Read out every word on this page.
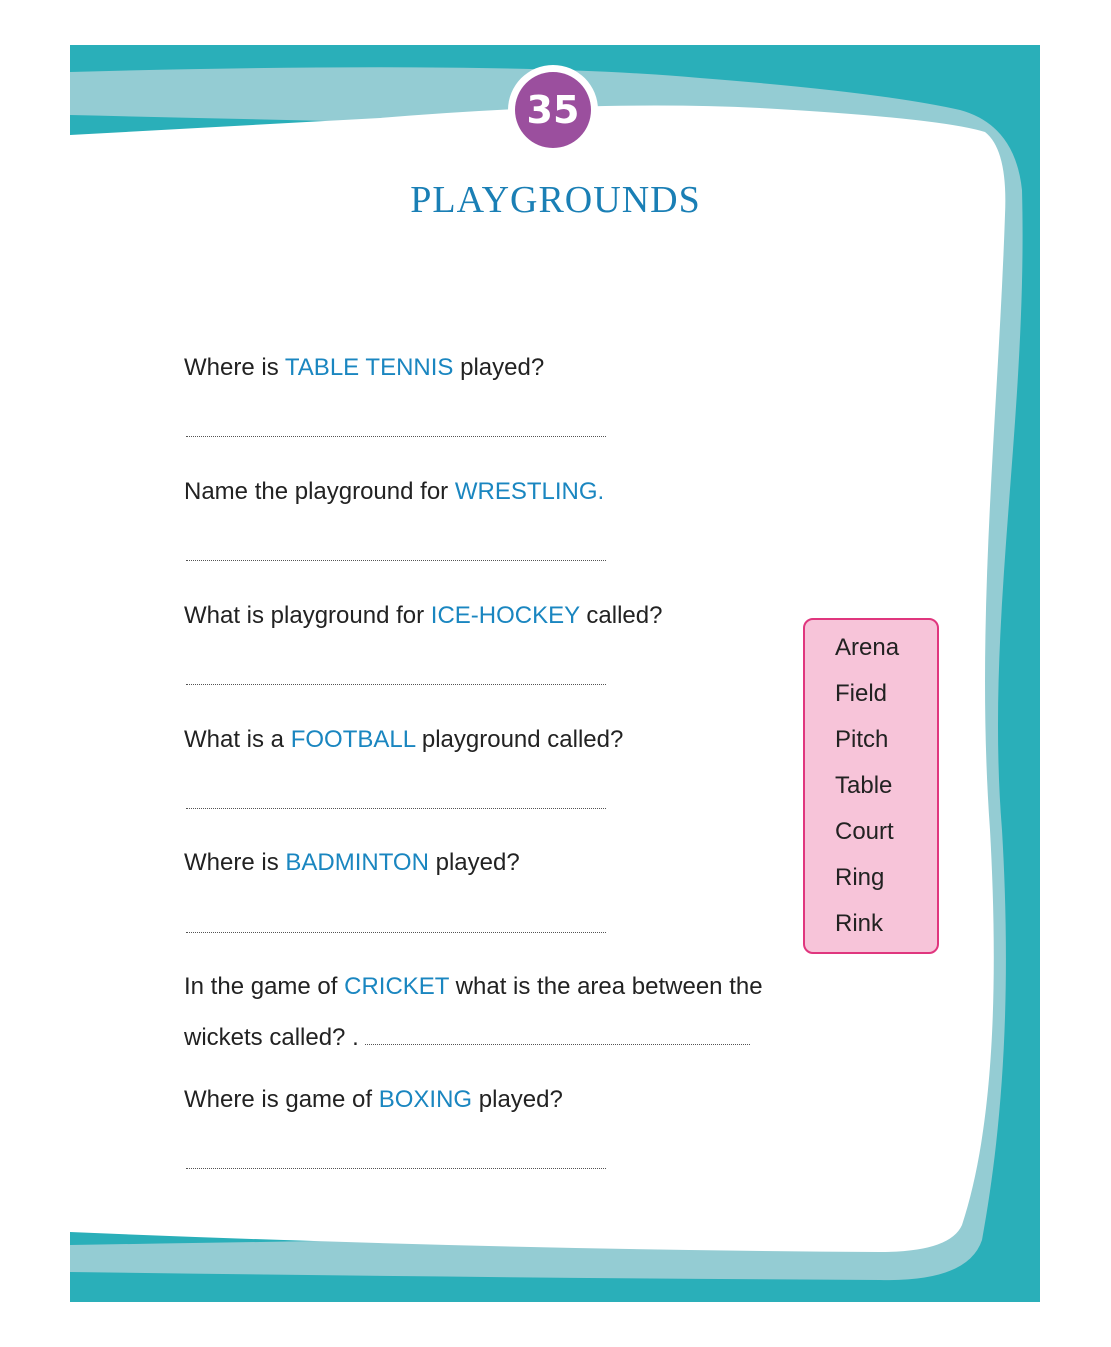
35
PLAYGROUNDS
Where is TABLE TENNIS played?
Name the playground for WRESTLING.
What is playground for ICE-HOCKEY called?
What is a FOOTBALL playground called?
Where is BADMINTON played?
In the game of CRICKET what is the area between the
wickets called? .
Where is game of BOXING played?
Arena
Field
Pitch
Table
Court
Ring
Rink
